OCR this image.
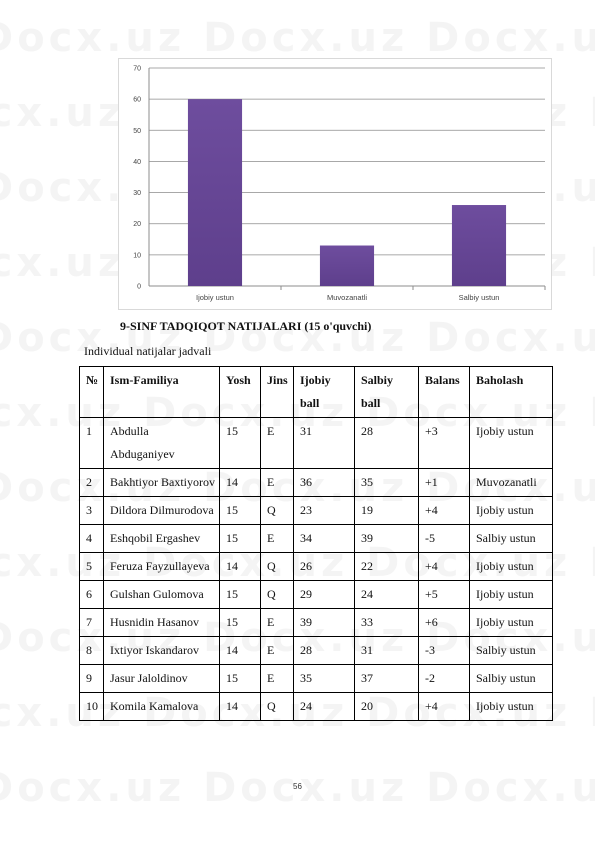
0
10
20
30
40
50
60
70
Ijobiy ustun	Muvozanatli	Salbiy ustun
9-SINF TADQIQOT NATIJALARI (15 o'quvchi)
Individual natijalar jadvali
№	Ism-Familiya	Yosh	Jins	Ijobiy ball	Salbiy ball	Balans	Baholash
1	Abdulla Abduganiyev	15	E	31	28	+3	Ijobiy ustun
2	Bakhtiyor Baxtiyorov	14	E	36	35	+1	Muvozanatli
3	Dildora Dilmurodova	15	Q	23	19	+4	Ijobiy ustun
4	Eshqobil Ergashev	15	E	34	39	-5	Salbiy ustun
5	Feruza Fayzullayeva	14	Q	26	22	+4	Ijobiy ustun
6	Gulshan Gulomova	15	Q	29	24	+5	Ijobiy ustun
7	Husnidin Hasanov	15	E	39	33	+6	Ijobiy ustun
8	Ixtiyor Iskandarov	14	E	28	31	-3	Salbiy ustun
9	Jasur Jaloldinov	15	E	35	37	-2	Salbiy ustun
10	Komila Kamalova	14	Q	24	20	+4	Ijobiy ustun
56
